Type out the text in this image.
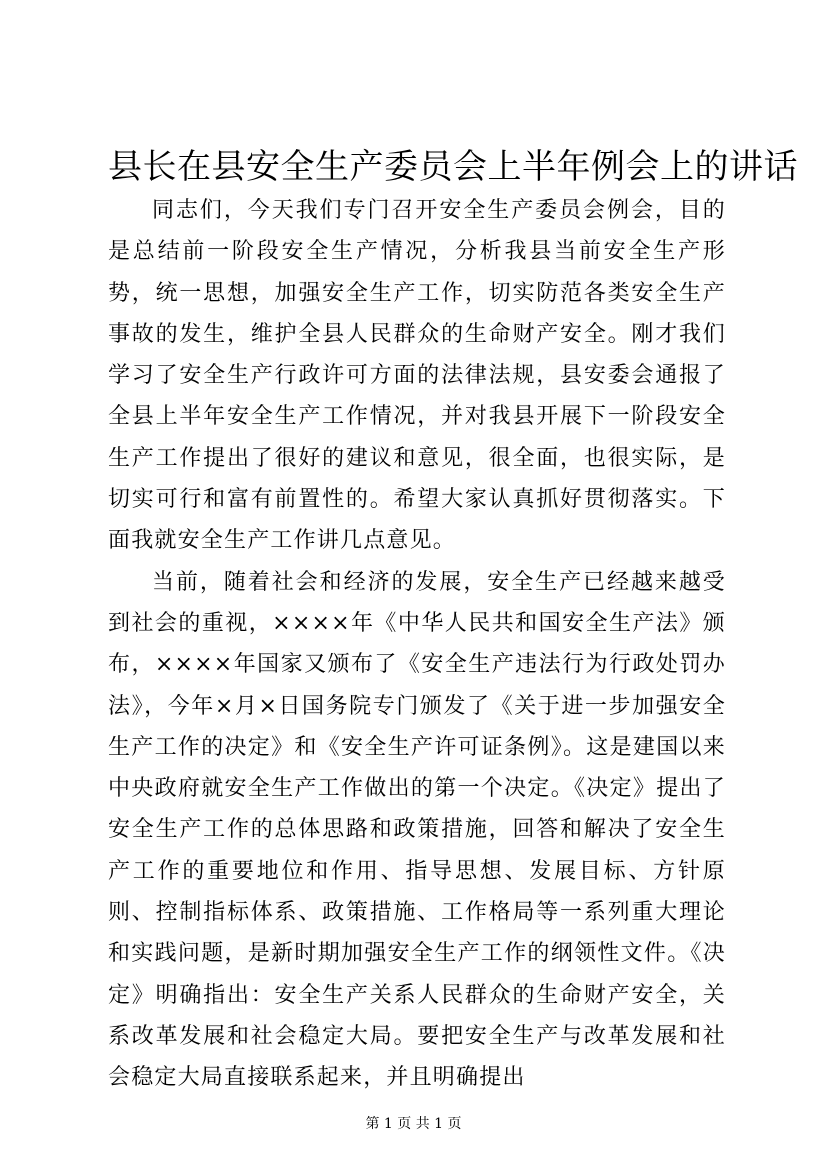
县长在县安全生产委员会上半年例会上的讲话

同志们，今天我们专门召开安全生产委员会例会，目的是总结前一阶段安全生产情况，分析我县当前安全生产形势，统一思想，加强安全生产工作，切实防范各类安全生产事故的发生，维护全县人民群众的生命财产安全。刚才我们学习了安全生产行政许可方面的法律法规，县安委会通报了全县上半年安全生产工作情况，并对我县开展下一阶段安全生产工作提出了很好的建议和意见，很全面，也很实际，是切实可行和富有前置性的。希望大家认真抓好贯彻落实。下面我就安全生产工作讲几点意见。

当前，随着社会和经济的发展，安全生产已经越来越受到社会的重视，××××年《中华人民共和国安全生产法》颁布，××××年国家又颁布了《安全生产违法行为行政处罚办法》，今年×月×日国务院专门颁发了《关于进一步加强安全生产工作的决定》和《安全生产许可证条例》。这是建国以来中央政府就安全生产工作做出的第一个决定。《决定》提出了安全生产工作的总体思路和政策措施，回答和解决了安全生产工作的重要地位和作用、指导思想、发展目标、方针原则、控制指标体系、政策措施、工作格局等一系列重大理论和实践问题，是新时期加强安全生产工作的纲领性文件。《决定》明确指出：安全生产关系人民群众的生命财产安全，关系改革发展和社会稳定大局。要把安全生产与改革发展和社会稳定大局直接联系起来，并且明确提出

第 1 页 共 1 页
